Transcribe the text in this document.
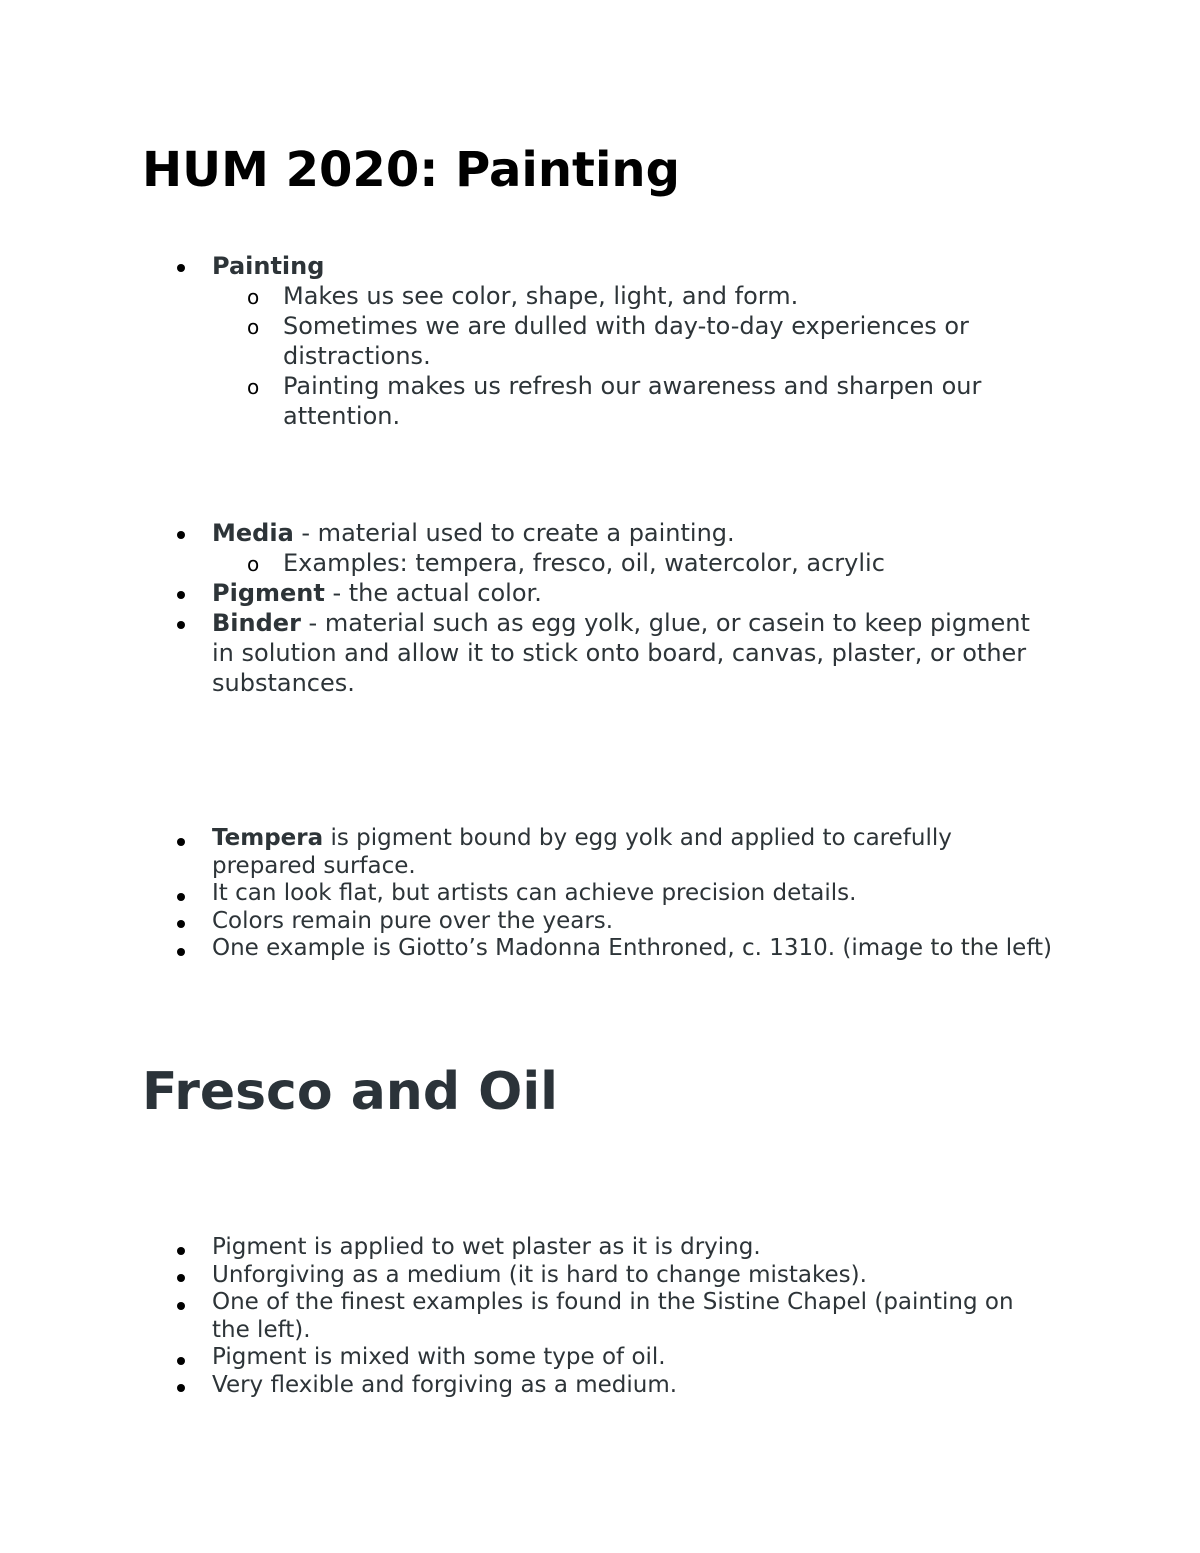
HUM 2020: Painting
Painting
o Makes us see color, shape, light, and form.
o Sometimes we are dulled with day-to-day experiences or distractions.
o Painting makes us refresh our awareness and sharpen our attention.
Media - material used to create a painting.
o Examples: tempera, fresco, oil, watercolor, acrylic
Pigment - the actual color.
Binder - material such as egg yolk, glue, or casein to keep pigment in solution and allow it to stick onto board, canvas, plaster, or other substances.
Tempera is pigment bound by egg yolk and applied to carefully prepared surface.
It can look flat, but artists can achieve precision details.
Colors remain pure over the years.
One example is Giotto’s Madonna Enthroned, c. 1310. (image to the left)
Fresco and Oil
Pigment is applied to wet plaster as it is drying.
Unforgiving as a medium (it is hard to change mistakes).
One of the finest examples is found in the Sistine Chapel (painting on the left).
Pigment is mixed with some type of oil.
Very flexible and forgiving as a medium.
